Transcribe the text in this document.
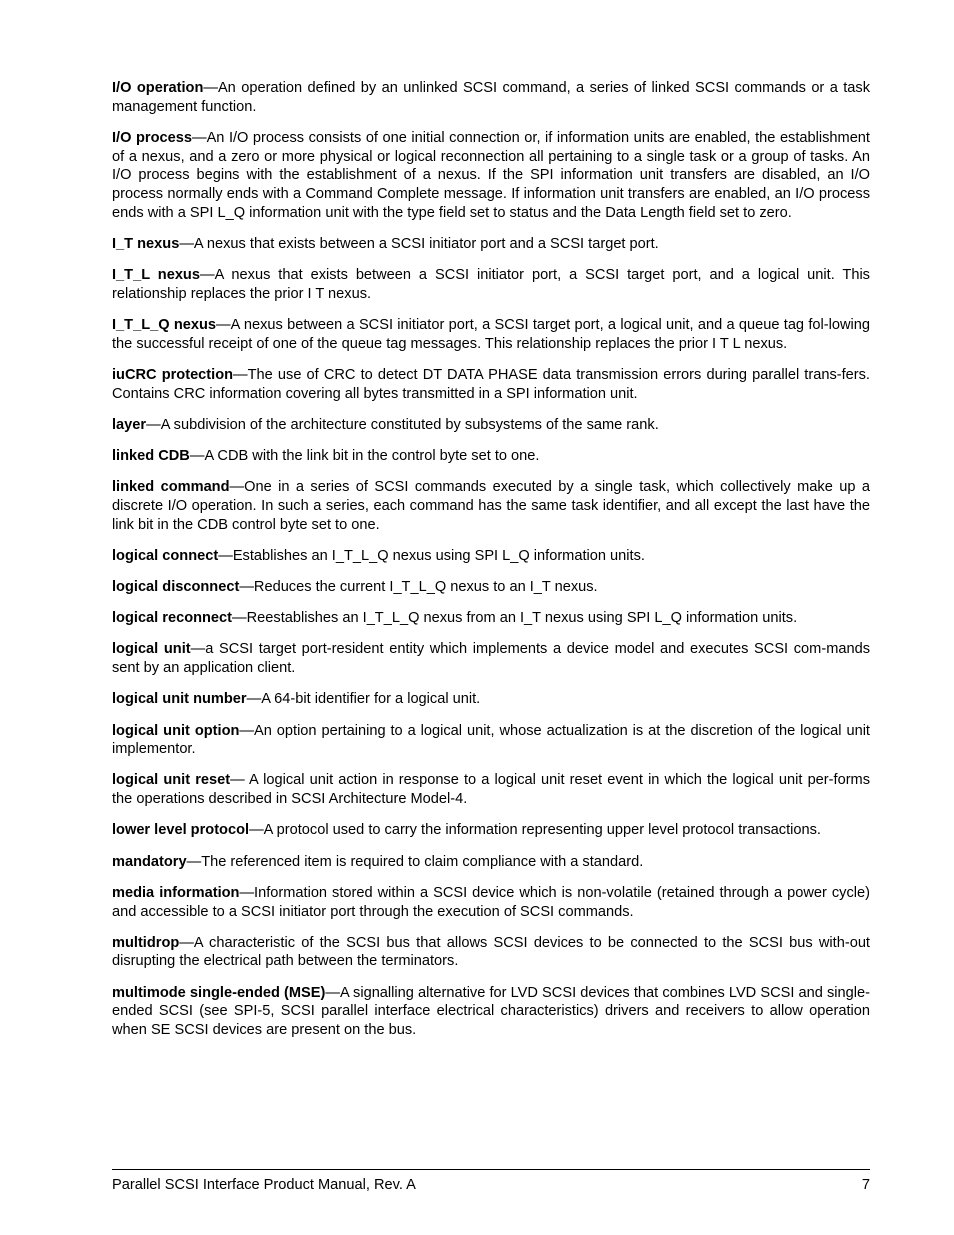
I/O operation—An operation defined by an unlinked SCSI command, a series of linked SCSI commands or a task management function.

I/O process—An I/O process consists of one initial connection or, if information units are enabled, the establishment of a nexus, and a zero or more physical or logical reconnection all pertaining to a single task or a group of tasks. An I/O process begins with the establishment of a nexus. If the SPI information unit transfers are disabled, an I/O process normally ends with a Command Complete message. If information unit transfers are enabled, an I/O process ends with a SPI L_Q information unit with the type field set to status and the Data Length field set to zero.

I_T nexus—A nexus that exists between a SCSI initiator port and a SCSI target port.

I_T_L nexus—A nexus that exists between a SCSI initiator port, a SCSI target port, and a logical unit. This relationship replaces the prior I T nexus.

I_T_L_Q nexus—A nexus between a SCSI initiator port, a SCSI target port, a logical unit, and a queue tag fol-lowing the successful receipt of one of the queue tag messages. This relationship replaces the prior I T L nexus.

iuCRC protection—The use of CRC to detect DT DATA PHASE data transmission errors during parallel trans-fers. Contains CRC information covering all bytes transmitted in a SPI information unit.

layer—A subdivision of the architecture constituted by subsystems of the same rank.

linked CDB—A CDB with the link bit in the control byte set to one.

linked command—One in a series of SCSI commands executed by a single task, which collectively make up a discrete I/O operation. In such a series, each command has the same task identifier, and all except the last have the link bit in the CDB control byte set to one.

logical connect—Establishes an I_T_L_Q nexus using SPI L_Q information units.

logical disconnect—Reduces the current I_T_L_Q nexus to an I_T nexus.

logical reconnect—Reestablishes an I_T_L_Q nexus from an I_T nexus using SPI L_Q information units.

logical unit—a SCSI target port-resident entity which implements a device model and executes SCSI com-mands sent by an application client.

logical unit number—A 64-bit identifier for a logical unit.

logical unit option—An option pertaining to a logical unit, whose actualization is at the discretion of the logical unit implementor.

logical unit reset— A logical unit action in response to a logical unit reset event in which the logical unit per-forms the operations described in SCSI Architecture Model-4.

lower level protocol—A protocol used to carry the information representing upper level protocol transactions.

mandatory—The referenced item is required to claim compliance with a standard.

media information—Information stored within a SCSI device which is non-volatile (retained through a power cycle) and accessible to a SCSI initiator port through the execution of SCSI commands.

multidrop—A characteristic of the SCSI bus that allows SCSI devices to be connected to the SCSI bus with-out disrupting the electrical path between the terminators.

multimode single-ended (MSE)—A signalling alternative for LVD SCSI devices that combines LVD SCSI and single-ended SCSI (see SPI-5, SCSI parallel interface electrical characteristics) drivers and receivers to allow operation when SE SCSI devices are present on the bus.

Parallel SCSI Interface Product Manual, Rev. A	7
